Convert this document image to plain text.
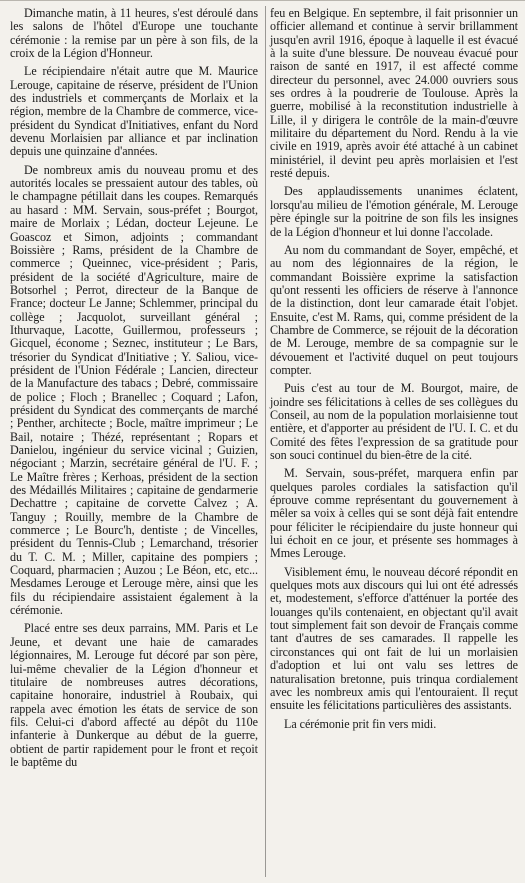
Dimanche matin, à 11 heures, s'est déroulé dans les salons de l'hôtel d'Europe une touchante cérémonie : la remise par un père à son fils, de la croix de la Légion d'Honneur.

Le récipiendaire n'était autre que M. Maurice Lerouge, capitaine de réserve, président de l'Union des industriels et commerçants de Morlaix et la région, membre de la Chambre de commerce, vice-président du Syndicat d'Initiatives, enfant du Nord devenu Morlaisien par alliance et par inclination depuis une quinzaine d'années.

De nombreux amis du nouveau promu et des autorités locales se pressaient autour des tables, où le champagne pétillait dans les coupes. Remarqués au hasard : MM. Servain, sous-préfet ; Bourgot, maire de Morlaix ; Lédan, docteur Lejeune. Le Goascoz et Simon, adjoints ; commandant Boissière ; Rams, président de la Chambre de commerce ; Queinnec, vice-président ; Paris, président de la société d'Agriculture, maire de Botsorhel ; Perrot, directeur de la Banque de France; docteur Le Janne; Schlemmer, principal du collège ; Jacquolot, surveillant général ; Ithurvaque, Lacotte, Guillermou, professeurs ; Gicquel, économe ; Seznec, instituteur ; Le Bars, trésorier du Syndicat d'Initiative ; Y. Saliou, vice-président de l'Union Fédérale ; Lancien, directeur de la Manufacture des tabacs ; Debré, commissaire de police ; Floch ; Branellec ; Coquard ; Lafon, président du Syndicat des commerçants de marché ; Penther, architecte ; Bocle, maître imprimeur ; Le Bail, notaire ; Thézé, représentant ; Ropars et Danielou, ingénieur du service vicinal ; Guizien, négociant ; Marzin, secrétaire général de l'U. F. ; Le Maître frères ; Kerhoas, président de la section des Médaillés Militaires ; capitaine de gendarmerie Dechattre ; capitaine de corvette Calvez ; A. Tanguy ; Rouilly, membre de la Chambre de commerce ; Le Bourc'h, dentiste ; de Vincelles, président du Tennis-Club ; Lemarchand, trésorier du T. C. M. ; Miller, capitaine des pompiers ; Coquard, pharmacien ; Auzou ; Le Béon, etc, etc... Mesdames Lerouge et Lerouge mère, ainsi que les fils du récipiendaire assistaient également à la cérémonie.

Placé entre ses deux parrains, MM. Paris et Le Jeune, et devant une haie de camarades légionnaires, M. Lerouge fut décoré par son père, lui-même chevalier de la Légion d'honneur et titulaire de nombreuses autres décorations, capitaine honoraire, industriel à Roubaix, qui rappela avec émotion les états de service de son fils. Celui-ci d'abord affecté au dépôt du 110e infanterie à Dunkerque au début de la guerre, obtient de partir rapidement pour le front et reçoit le baptême du

feu en Belgique. En septembre, il fait prisonnier un officier allemand et continue à servir brillamment jusqu'en avril 1916, époque à laquelle il est évacué à la suite d'une blessure. De nouveau évacué pour raison de santé en 1917, il est affecté comme directeur du personnel, avec 24.000 ouvriers sous ses ordres à la poudrerie de Toulouse. Après la guerre, mobilisé à la reconstitution industrielle à Lille, il y dirigera le contrôle de la main-d'œuvre militaire du département du Nord. Rendu à la vie civile en 1919, après avoir été attaché à un cabinet ministériel, il devint peu après morlaisien et l'est resté depuis.

Des applaudissements unanimes éclatent, lorsqu'au milieu de l'émotion générale, M. Lerouge père épingle sur la poitrine de son fils les insignes de la Légion d'honneur et lui donne l'accolade.

Au nom du commandant de Soyer, empêché, et au nom des légionnaires de la région, le commandant Boissière exprime la satisfaction qu'ont ressenti les officiers de réserve à l'annonce de la distinction, dont leur camarade était l'objet. Ensuite, c'est M. Rams, qui, comme président de la Chambre de Commerce, se réjouit de la décoration de M. Lerouge, membre de sa compagnie sur le dévouement et l'activité duquel on peut toujours compter.

Puis c'est au tour de M. Bourgot, maire, de joindre ses félicitations à celles de ses collègues du Conseil, au nom de la population morlaisienne tout entière, et d'apporter au président de l'U. I. C. et du Comité des fêtes l'expression de sa gratitude pour son souci continuel du bien-être de la cité.

M. Servain, sous-préfet, marquera enfin par quelques paroles cordiales la satisfaction qu'il éprouve comme représentant du gouvernement à mêler sa voix à celles qui se sont déjà fait entendre pour féliciter le récipiendaire du juste honneur qui lui échoit en ce jour, et présente ses hommages à Mmes Lerouge.

Visiblement ému, le nouveau décoré répondit en quelques mots aux discours qui lui ont été adressés et, modestement, s'efforce d'atténuer la portée des louanges qu'ils contenaient, en objectant qu'il avait tout simplement fait son devoir de Français comme tant d'autres de ses camarades. Il rappelle les circonstances qui ont fait de lui un morlaisien d'adoption et lui ont valu ses lettres de naturalisation bretonne, puis trinqua cordialement avec les nombreux amis qui l'entouraient. Il reçut ensuite les félicitations particulières des assistants.

La cérémonie prit fin vers midi.
